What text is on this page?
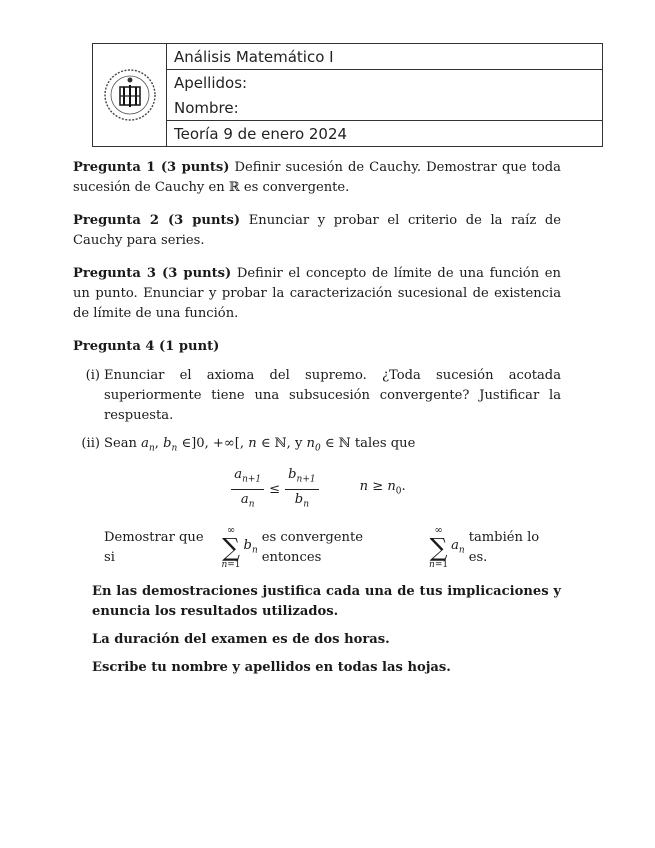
Análisis Matemático I
Apellidos:
Nombre:
Teoría 9 de enero 2024

Pregunta 1 (3 punts) Definir sucesión de Cauchy. Demostrar que toda sucesión de Cauchy en ℝ es convergente.

Pregunta 2 (3 punts) Enunciar y probar el criterio de la raíz de Cauchy para series.

Pregunta 3 (3 punts) Definir el concepto de límite de una función en un punto. Enunciar y probar la caracterización sucesional de existencia de límite de una función.

Pregunta 4 (1 punt)
(i) Enunciar el axioma del supremo. ¿Toda sucesión acotada superiormente tiene una subsucesión convergente? Justificar la respuesta.
(ii) Sean $a_n$, $b_n$ ∈]0, +∞[, n ∈ ℕ, y $n_0$ ∈ ℕ tales que
$\frac{a_{n+1}}{a_n} \le \frac{b_{n+1}}{b_n}$	$n \ge n_0$.
Demostrar que si
∞
∑
n=1
$b_n$
es convergente entonces
∞
∑
n=1
$a_n$
también lo es.

En las demostraciones justifica cada una de tus implicaciones y enuncia los resultados utilizados.

La duración del examen es de dos horas.

Escribe tu nombre y apellidos en todas las hojas.
